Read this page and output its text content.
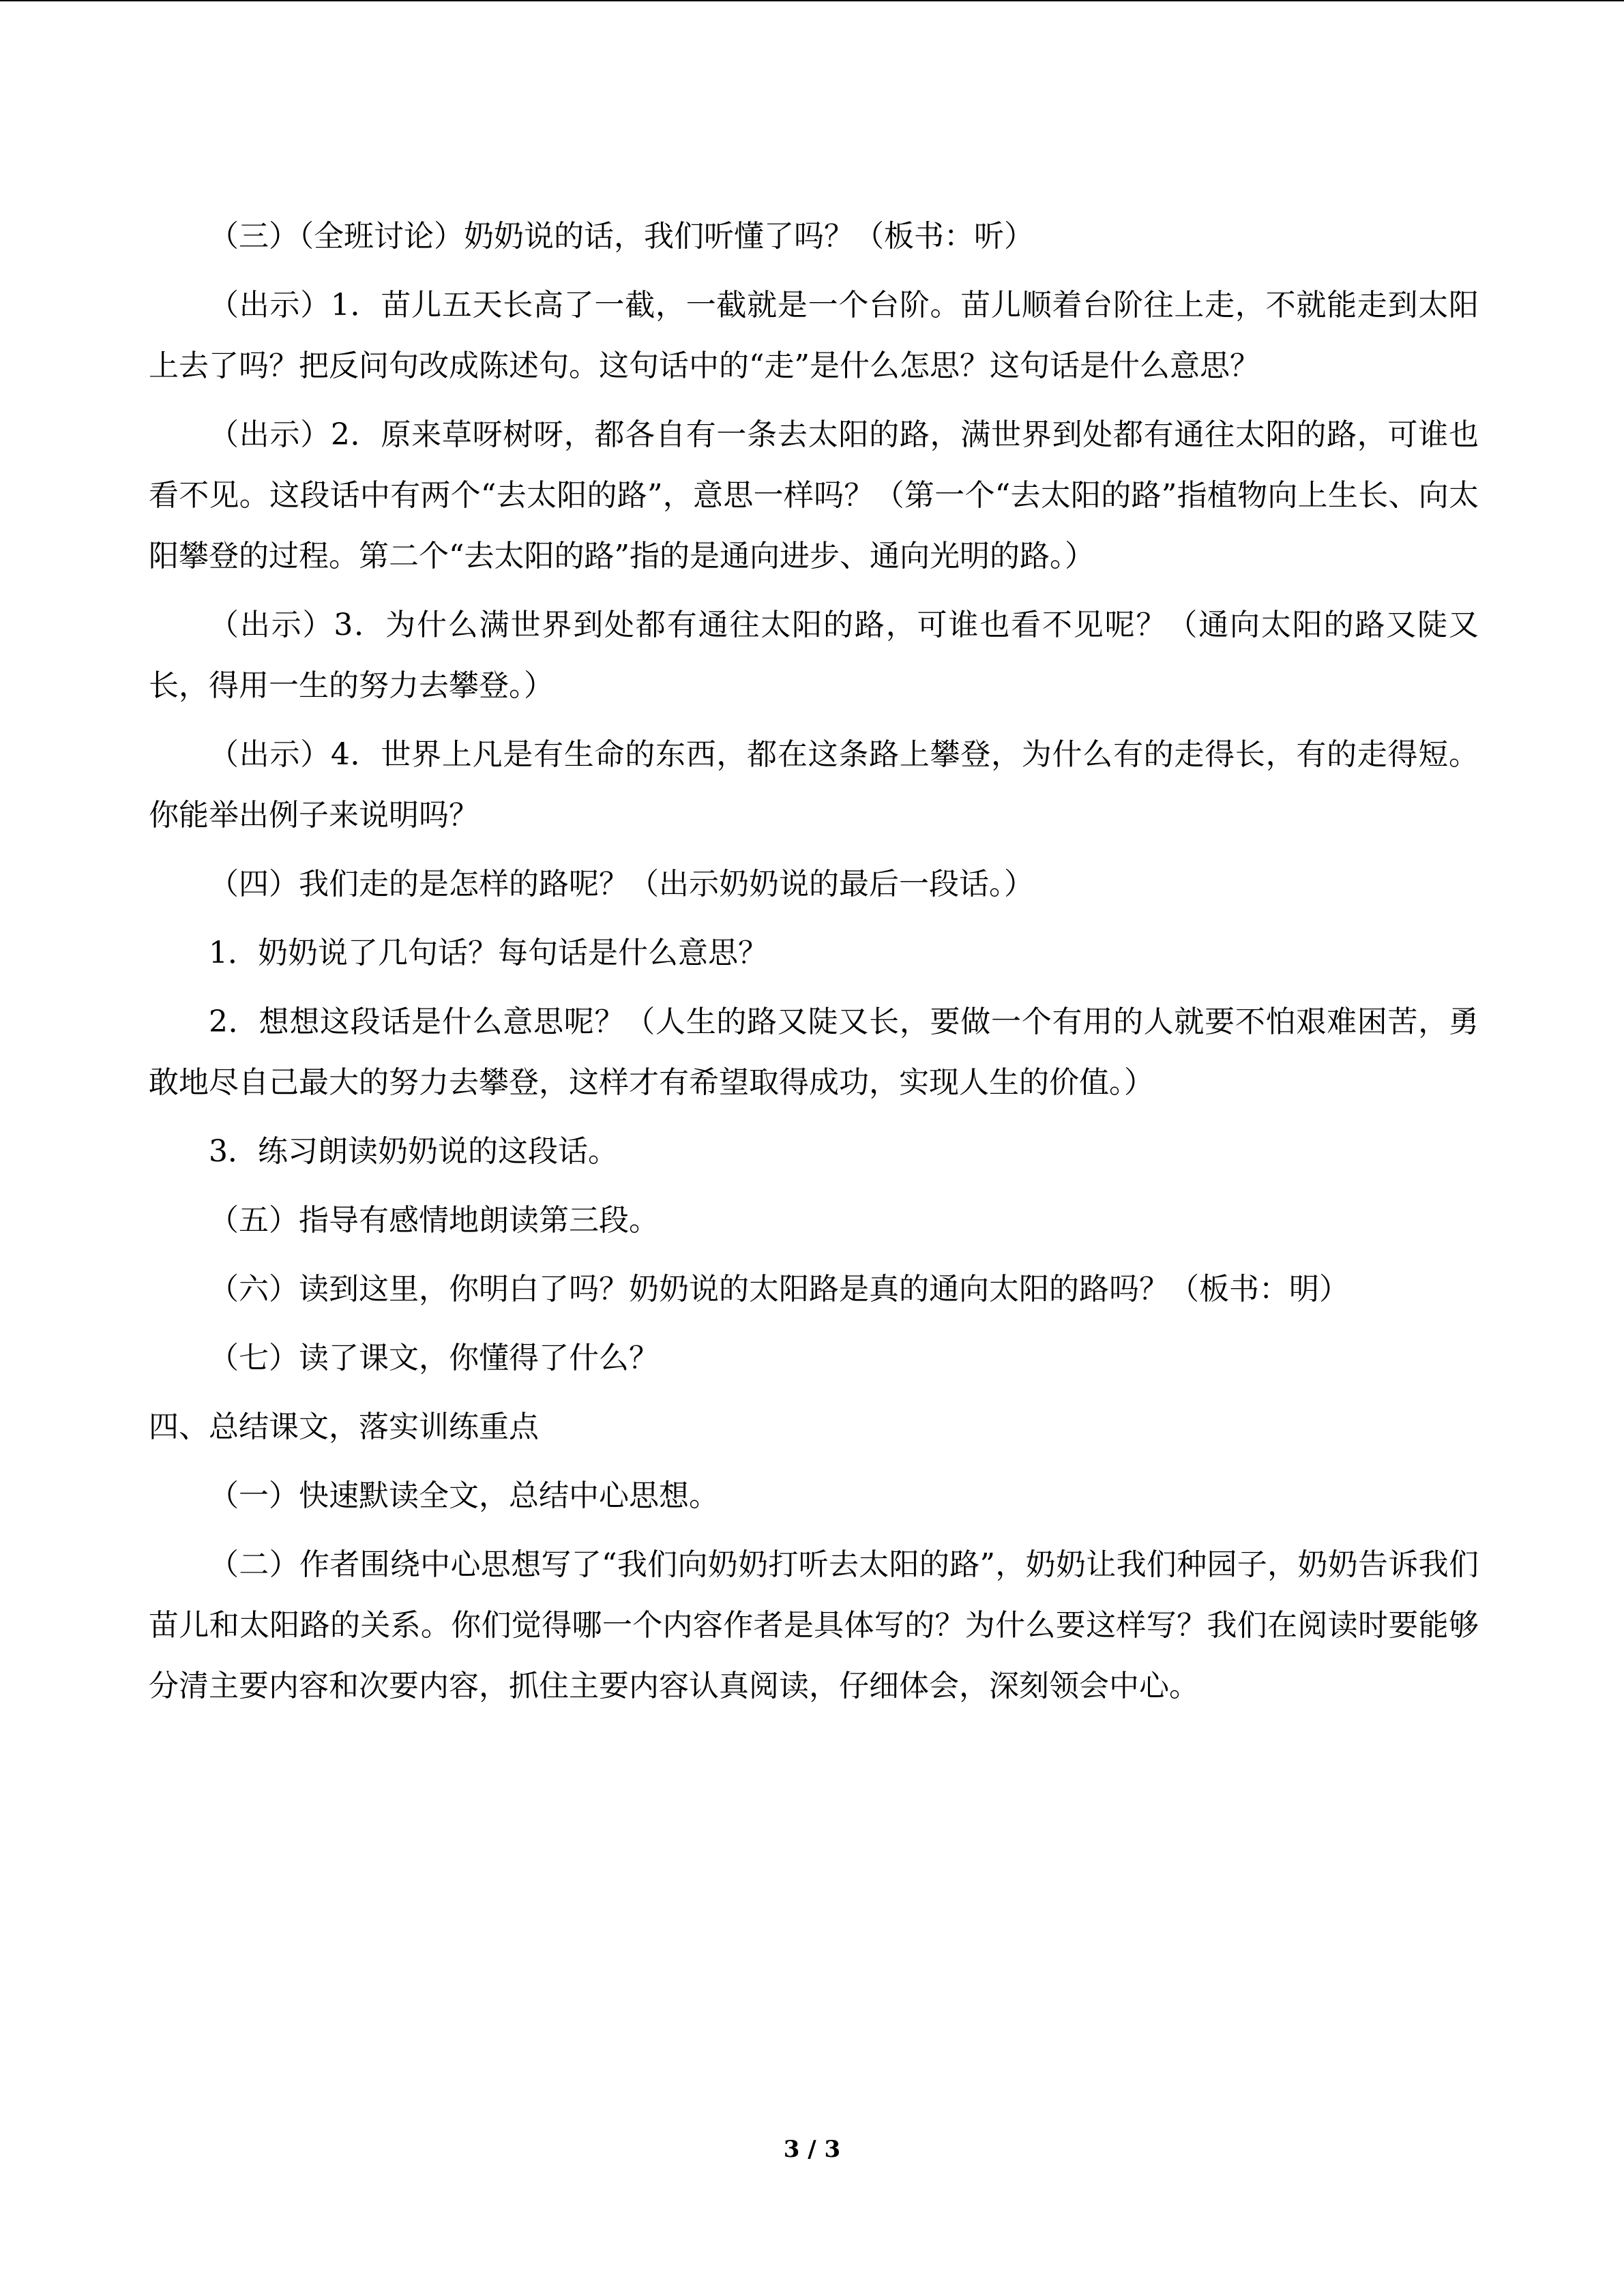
（三）（全班讨论）奶奶说的话，我们听懂了吗？（板书：听）

（出示）1．苗儿五天长高了一截，一截就是一个台阶。苗儿顺着台阶往上走，不就能走到太阳上去了吗？把反问句改成陈述句。这句话中的“走”是什么怎思？这句话是什么意思？

（出示）2．原来草呀树呀，都各自有一条去太阳的路，满世界到处都有通往太阳的路，可谁也看不见。这段话中有两个“去太阳的路”，意思一样吗？（第一个“去太阳的路”指植物向上生长、向太阳攀登的过程。第二个“去太阳的路”指的是通向进步、通向光明的路。）

（出示）3．为什么满世界到处都有通往太阳的路，可谁也看不见呢？（通向太阳的路又陡又长，得用一生的努力去攀登。）

（出示）4．世界上凡是有生命的东西，都在这条路上攀登，为什么有的走得长，有的走得短。你能举出例子来说明吗？

（四）我们走的是怎样的路呢？（出示奶奶说的最后一段话。）

1．奶奶说了几句话？每句话是什么意思？

2．想想这段话是什么意思呢？（人生的路又陡又长，要做一个有用的人就要不怕艰难困苦，勇敢地尽自己最大的努力去攀登，这样才有希望取得成功，实现人生的价值。）

3．练习朗读奶奶说的这段话。

（五）指导有感情地朗读第三段。

（六）读到这里，你明白了吗？奶奶说的太阳路是真的通向太阳的路吗？（板书：明）

（七）读了课文，你懂得了什么？

四、总结课文，落实训练重点

（一）快速默读全文，总结中心思想。

（二）作者围绕中心思想写了“我们向奶奶打听去太阳的路”，奶奶让我们种园子，奶奶告诉我们苗儿和太阳路的关系。你们觉得哪一个内容作者是具体写的？为什么要这样写？我们在阅读时要能够分清主要内容和次要内容，抓住主要内容认真阅读，仔细体会，深刻领会中心。

3 / 3
